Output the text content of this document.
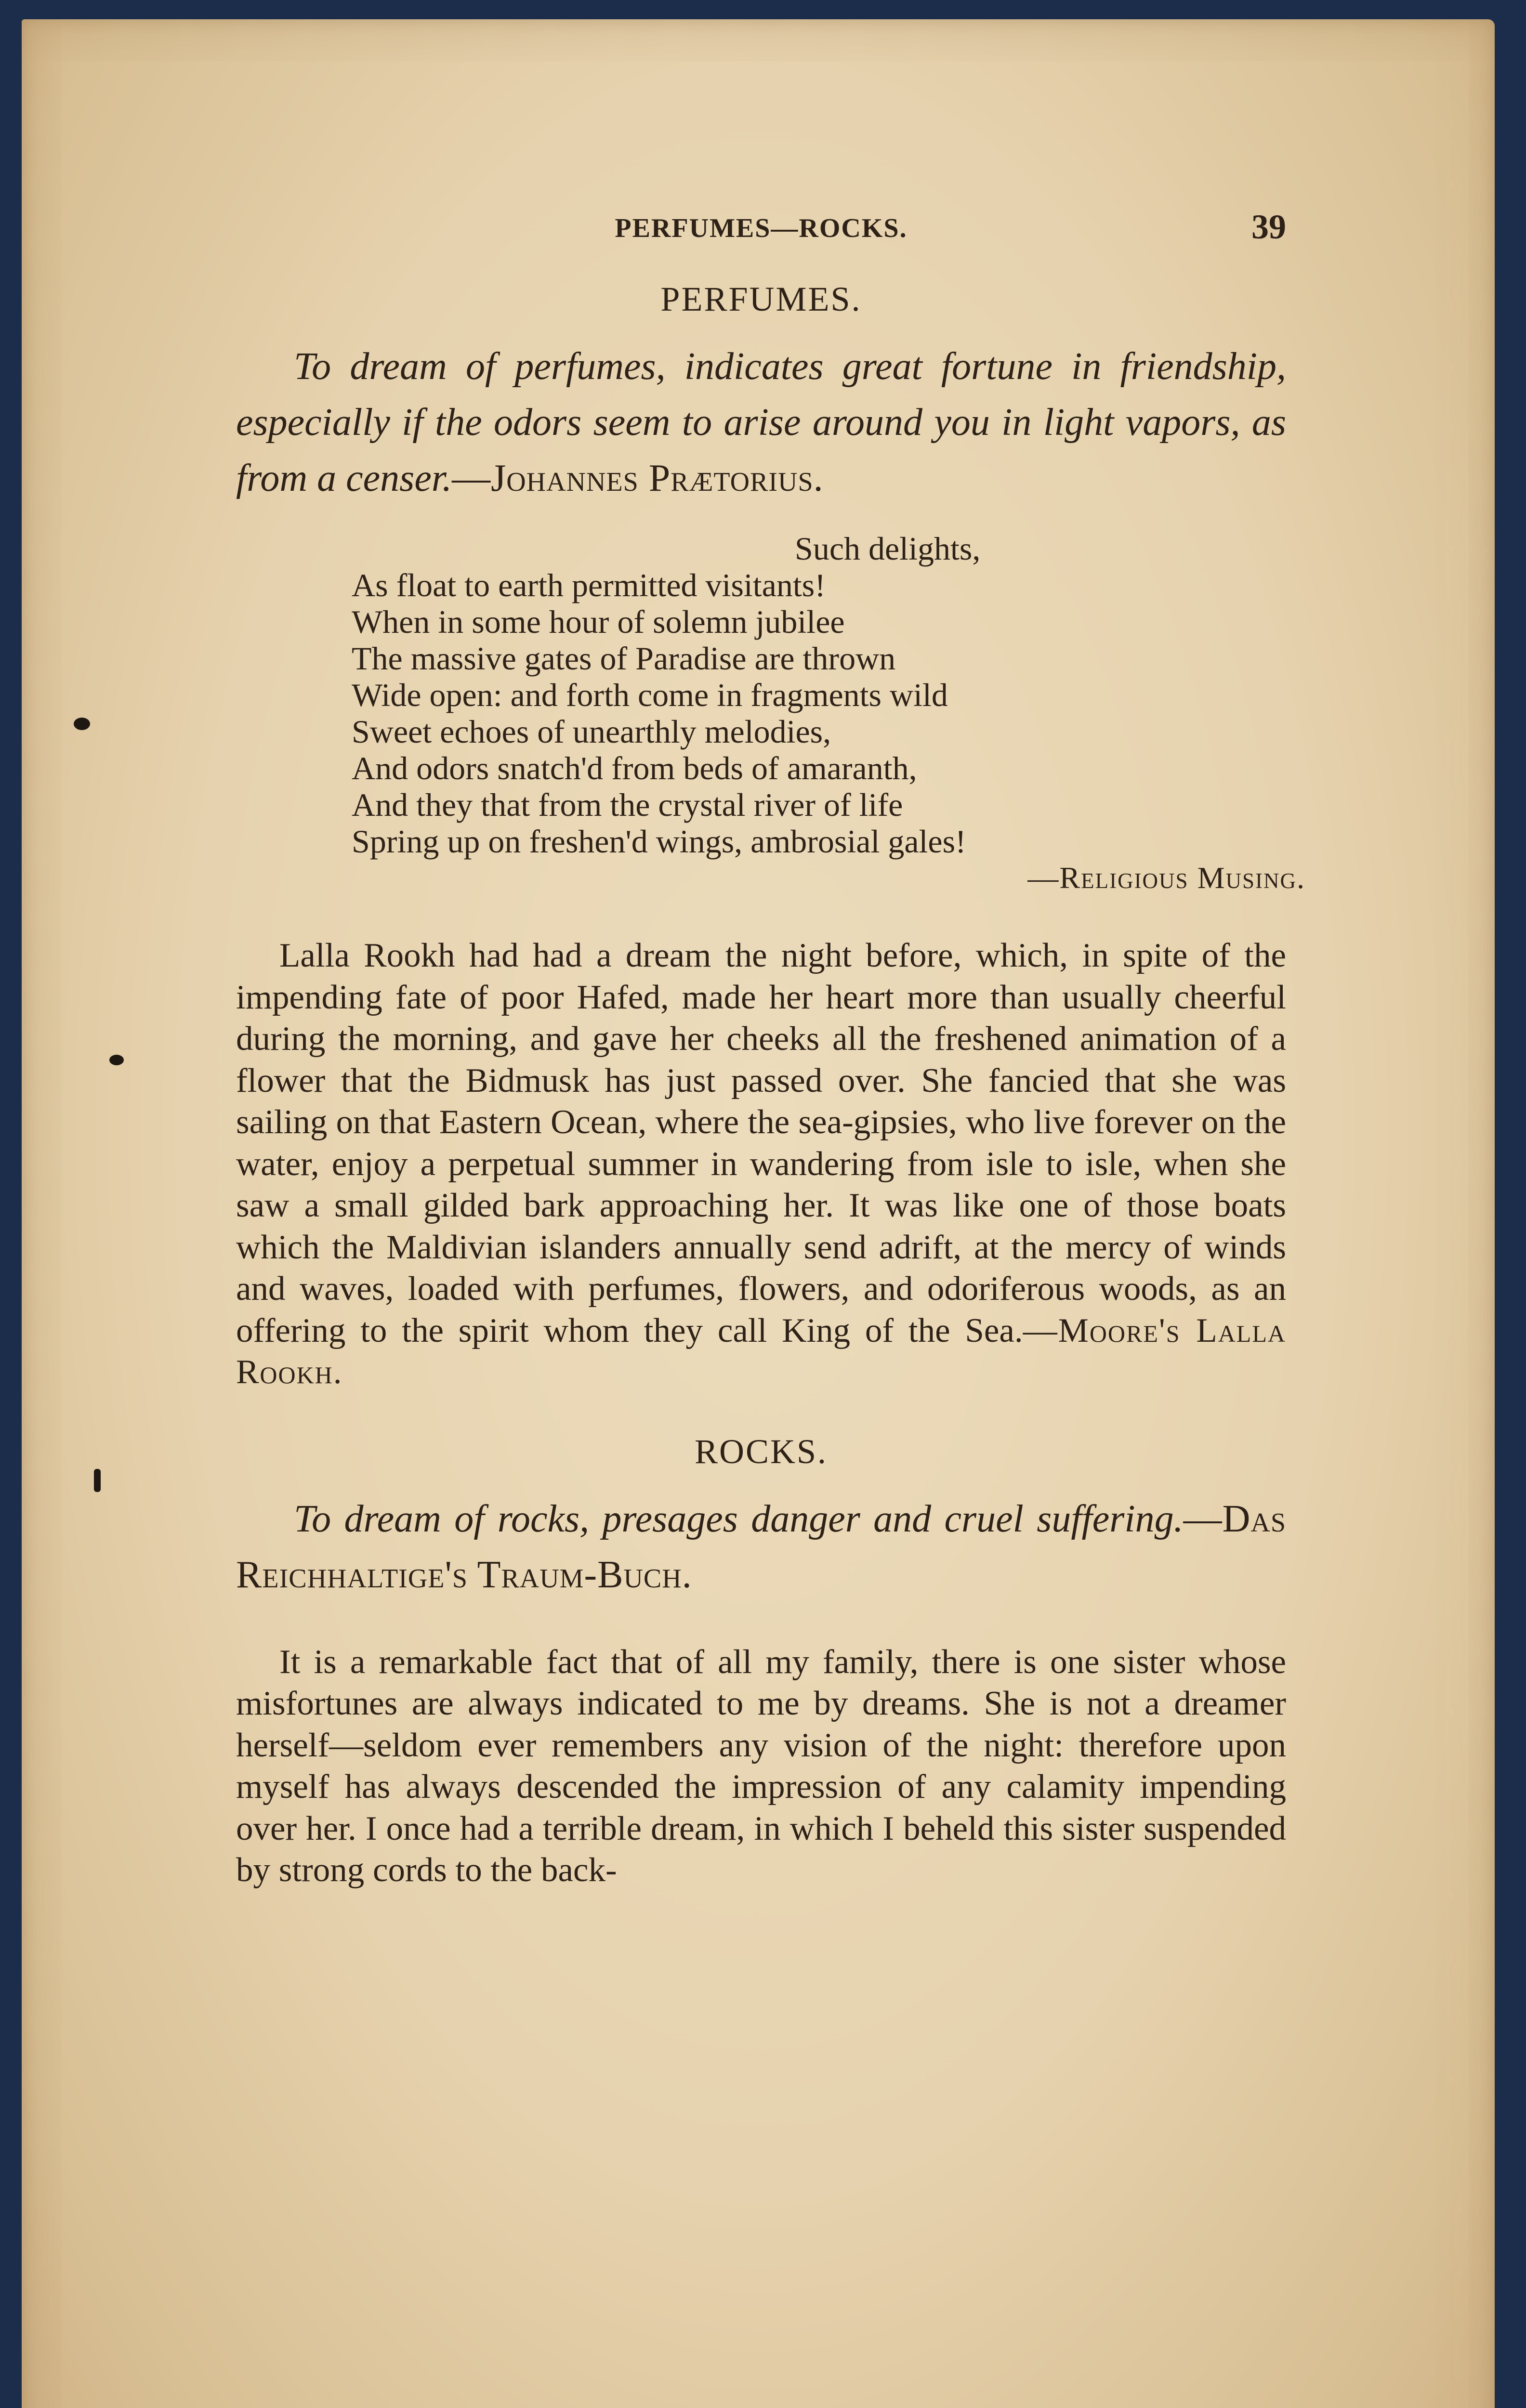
PERFUMES—ROCKS.	39
PERFUMES.

To dream of perfumes, indicates great fortune in friendship, especially if the odors seem to arise around you in light vapors, as from a censer.—Johannes Prætorius.

Such delights,
As float to earth permitted visitants!
When in some hour of solemn jubilee
The massive gates of Paradise are thrown
Wide open: and forth come in fragments wild
Sweet echoes of unearthly melodies,
And odors snatch'd from beds of amaranth,
And they that from the crystal river of life
Spring up on freshen'd wings, ambrosial gales!
—Religious Musing.

Lalla Rookh had had a dream the night before, which, in spite of the impending fate of poor Hafed, made her heart more than usually cheerful during the morning, and gave her cheeks all the freshened animation of a flower that the Bidmusk has just passed over. She fancied that she was sailing on that Eastern Ocean, where the sea-gipsies, who live forever on the water, enjoy a perpetual summer in wandering from isle to isle, when she saw a small gilded bark approaching her. It was like one of those boats which the Maldivian islanders annually send adrift, at the mercy of winds and waves, loaded with perfumes, flowers, and odoriferous woods, as an offering to the spirit whom they call King of the Sea.—Moore's Lalla Rookh.

ROCKS.

To dream of rocks, presages danger and cruel suffering.—Das Reichhaltige's Traum-Buch.

It is a remarkable fact that of all my family, there is one sister whose misfortunes are always indicated to me by dreams. She is not a dreamer herself—seldom ever remembers any vision of the night: therefore upon myself has always descended the impression of any calamity impending over her. I once had a terrible dream, in which I beheld this sister suspended by strong cords to the back-
